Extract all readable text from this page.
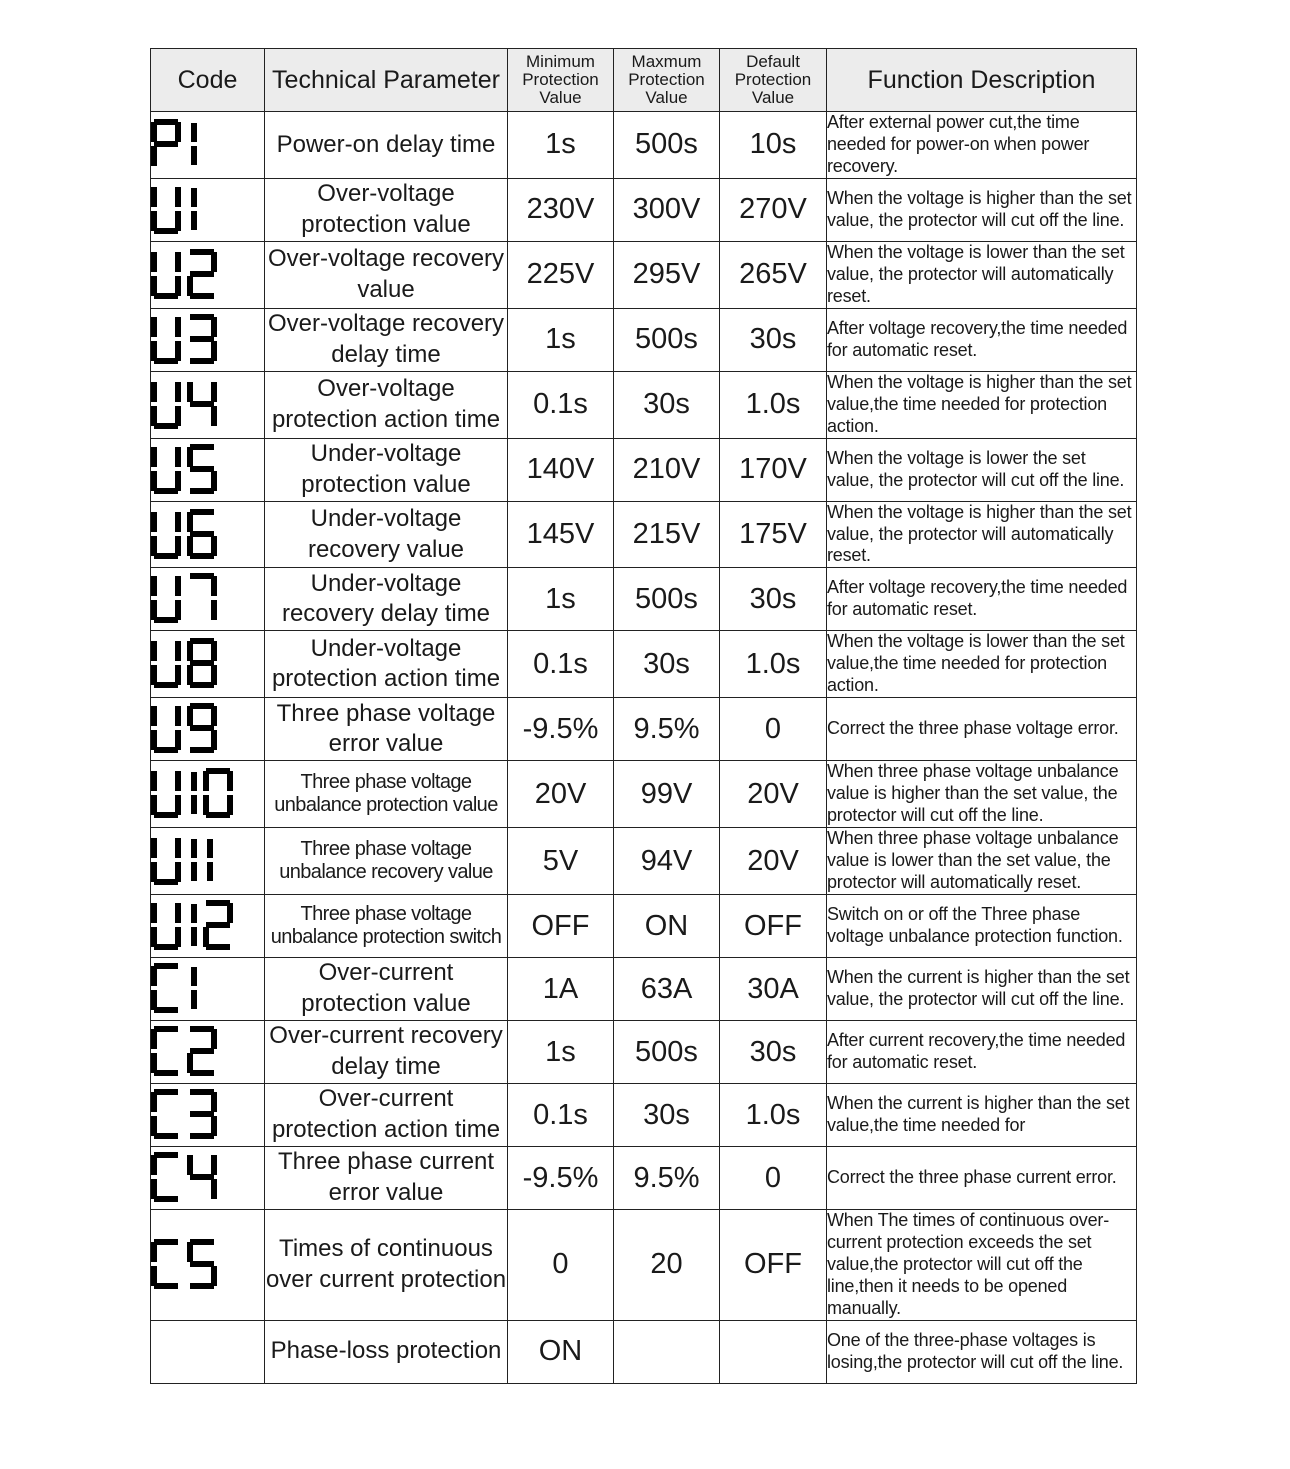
Code	Technical Parameter	Minimum
Protection
Value	Maxmum
Protection
Value	Default
Protection
Value	Function Description

	Power-on delay time	1s	500s	10s	After external power cut,the time needed for power-on when power recovery.

	Over-voltage protection value	230V	300V	270V	When the voltage is higher than the set value, the protector will cut off the line.

	Over-voltage recovery value	225V	295V	265V	When the voltage is lower than the set value, the protector will automatically reset.

	Over-voltage recovery delay time	1s	500s	30s	After voltage recovery,the time needed for automatic reset.

	Over-voltage protection action time	0.1s	30s	1.0s	When the voltage is higher than the set value,the time needed for protection action.

	Under-voltage protection value	140V	210V	170V	When the voltage is lower the set value, the protector will cut off the line.

	Under-voltage recovery value	145V	215V	175V	When the voltage is higher than the set value, the protector will automatically reset.

	Under-voltage recovery delay time	1s	500s	30s	After voltage recovery,the time needed for automatic reset.

	Under-voltage protection action time	0.1s	30s	1.0s	When the voltage is lower than the set value,the time needed for protection action.

	Three phase voltage error value	-9.5%	9.5%	0	Correct the three phase voltage error.

	Three phase voltage unbalance protection value	20V	99V	20V	When three phase voltage unbalance value is higher than the set value, the protector will cut off the line.

	Three phase voltage unbalance recovery value	5V	94V	20V	When three phase voltage unbalance value is lower than the set value, the protector will automatically reset.

	Three phase voltage unbalance protection switch	OFF	ON	OFF	Switch on or off the Three phase voltage unbalance protection function.

	Over-current protection value	1A	63A	30A	When the current is higher than the set value, the protector will cut off the line.

	Over-current recovery delay time	1s	500s	30s	After current recovery,the time needed for automatic reset.

	Over-current protection action time	0.1s	30s	1.0s	When the current is higher than the set value,the time needed for

	Three phase current error value	-9.5%	9.5%	0	Correct the three phase current error.

	Times of continuous over current protection	0	20	OFF	When The times of continuous over-current protection exceeds the set value,the protector will cut off the line,then it needs to be opened manually.

	Phase-loss protection	ON			One of the three-phase voltages is losing,the protector will cut off the line.
